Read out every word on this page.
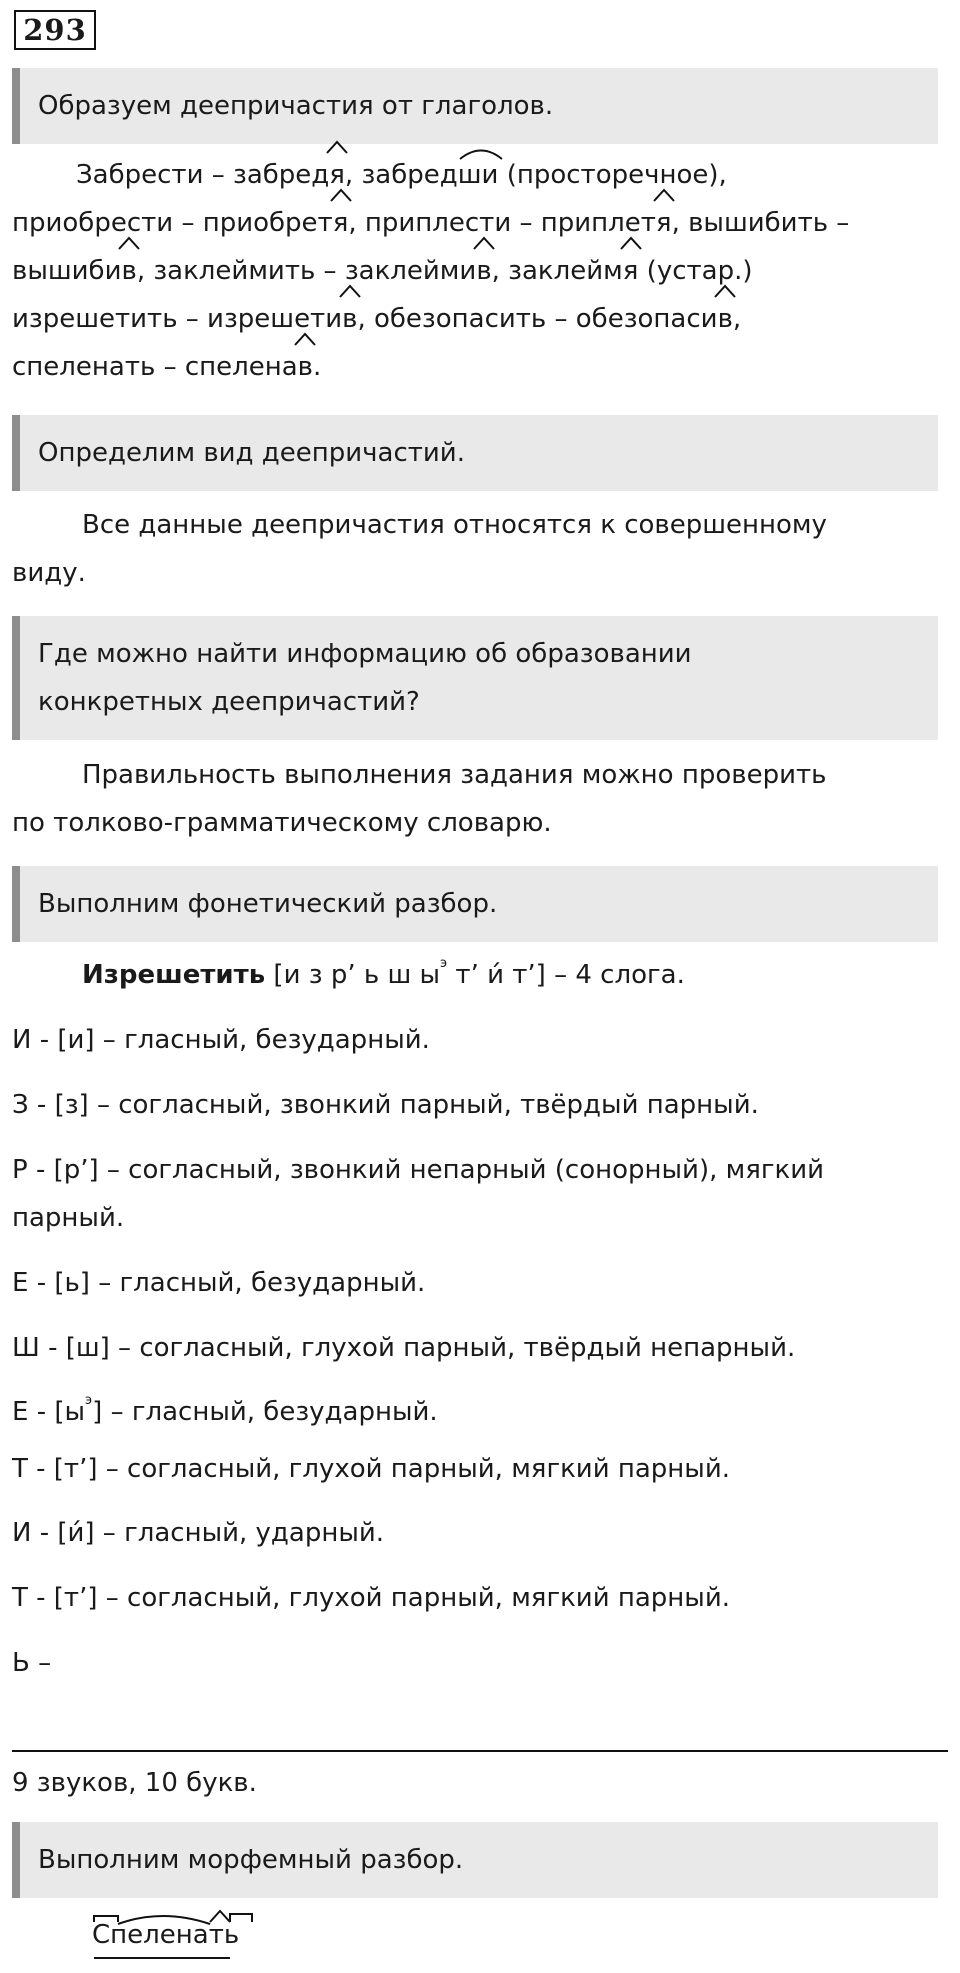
293
Образуем деепричастия от глаголов.
Забрести – забредя
, забредши
(просторечное),
приобрести – приобретя
, приплести – приплетя
, вышибить –
вышибив
, заклеймить – заклеймив
, заклеймя
(устар.)
изрешетить – изрешетив
, обезопасить – обезопасив
,
спеленать – спеленав
.
Определим вид деепричастий.
Все данные деепричастия относятся к совершенному
виду.
Где можно найти информацию об образовании
конкретных деепричастий?
Правильность выполнения задания можно проверить
по толково-грамматическому словарю.
Выполним фонетический разбор.
Изрешетить [и з р’ ь ш $ы^э$ т’ и́ т’] – 4 слога.
И - [и] – гласный, безударный.
З - [з] – согласный, звонкий парный, твёрдый парный.
Р - [р’] – согласный, звонкий непарный (сонорный), мягкий
парный.
Е - [ь] – гласный, безударный.
Ш - [ш] – согласный, глухой парный, твёрдый непарный.
Е - $[ы^э]$ – гласный, безударный.
Т - [т’] – согласный, глухой парный, мягкий парный.
И - [и́] – гласный, ударный.
Т - [т’] – согласный, глухой парный, мягкий парный.
Ь –
9 звуков, 10 букв.
Выполним морфемный разбор.
Спеленать
